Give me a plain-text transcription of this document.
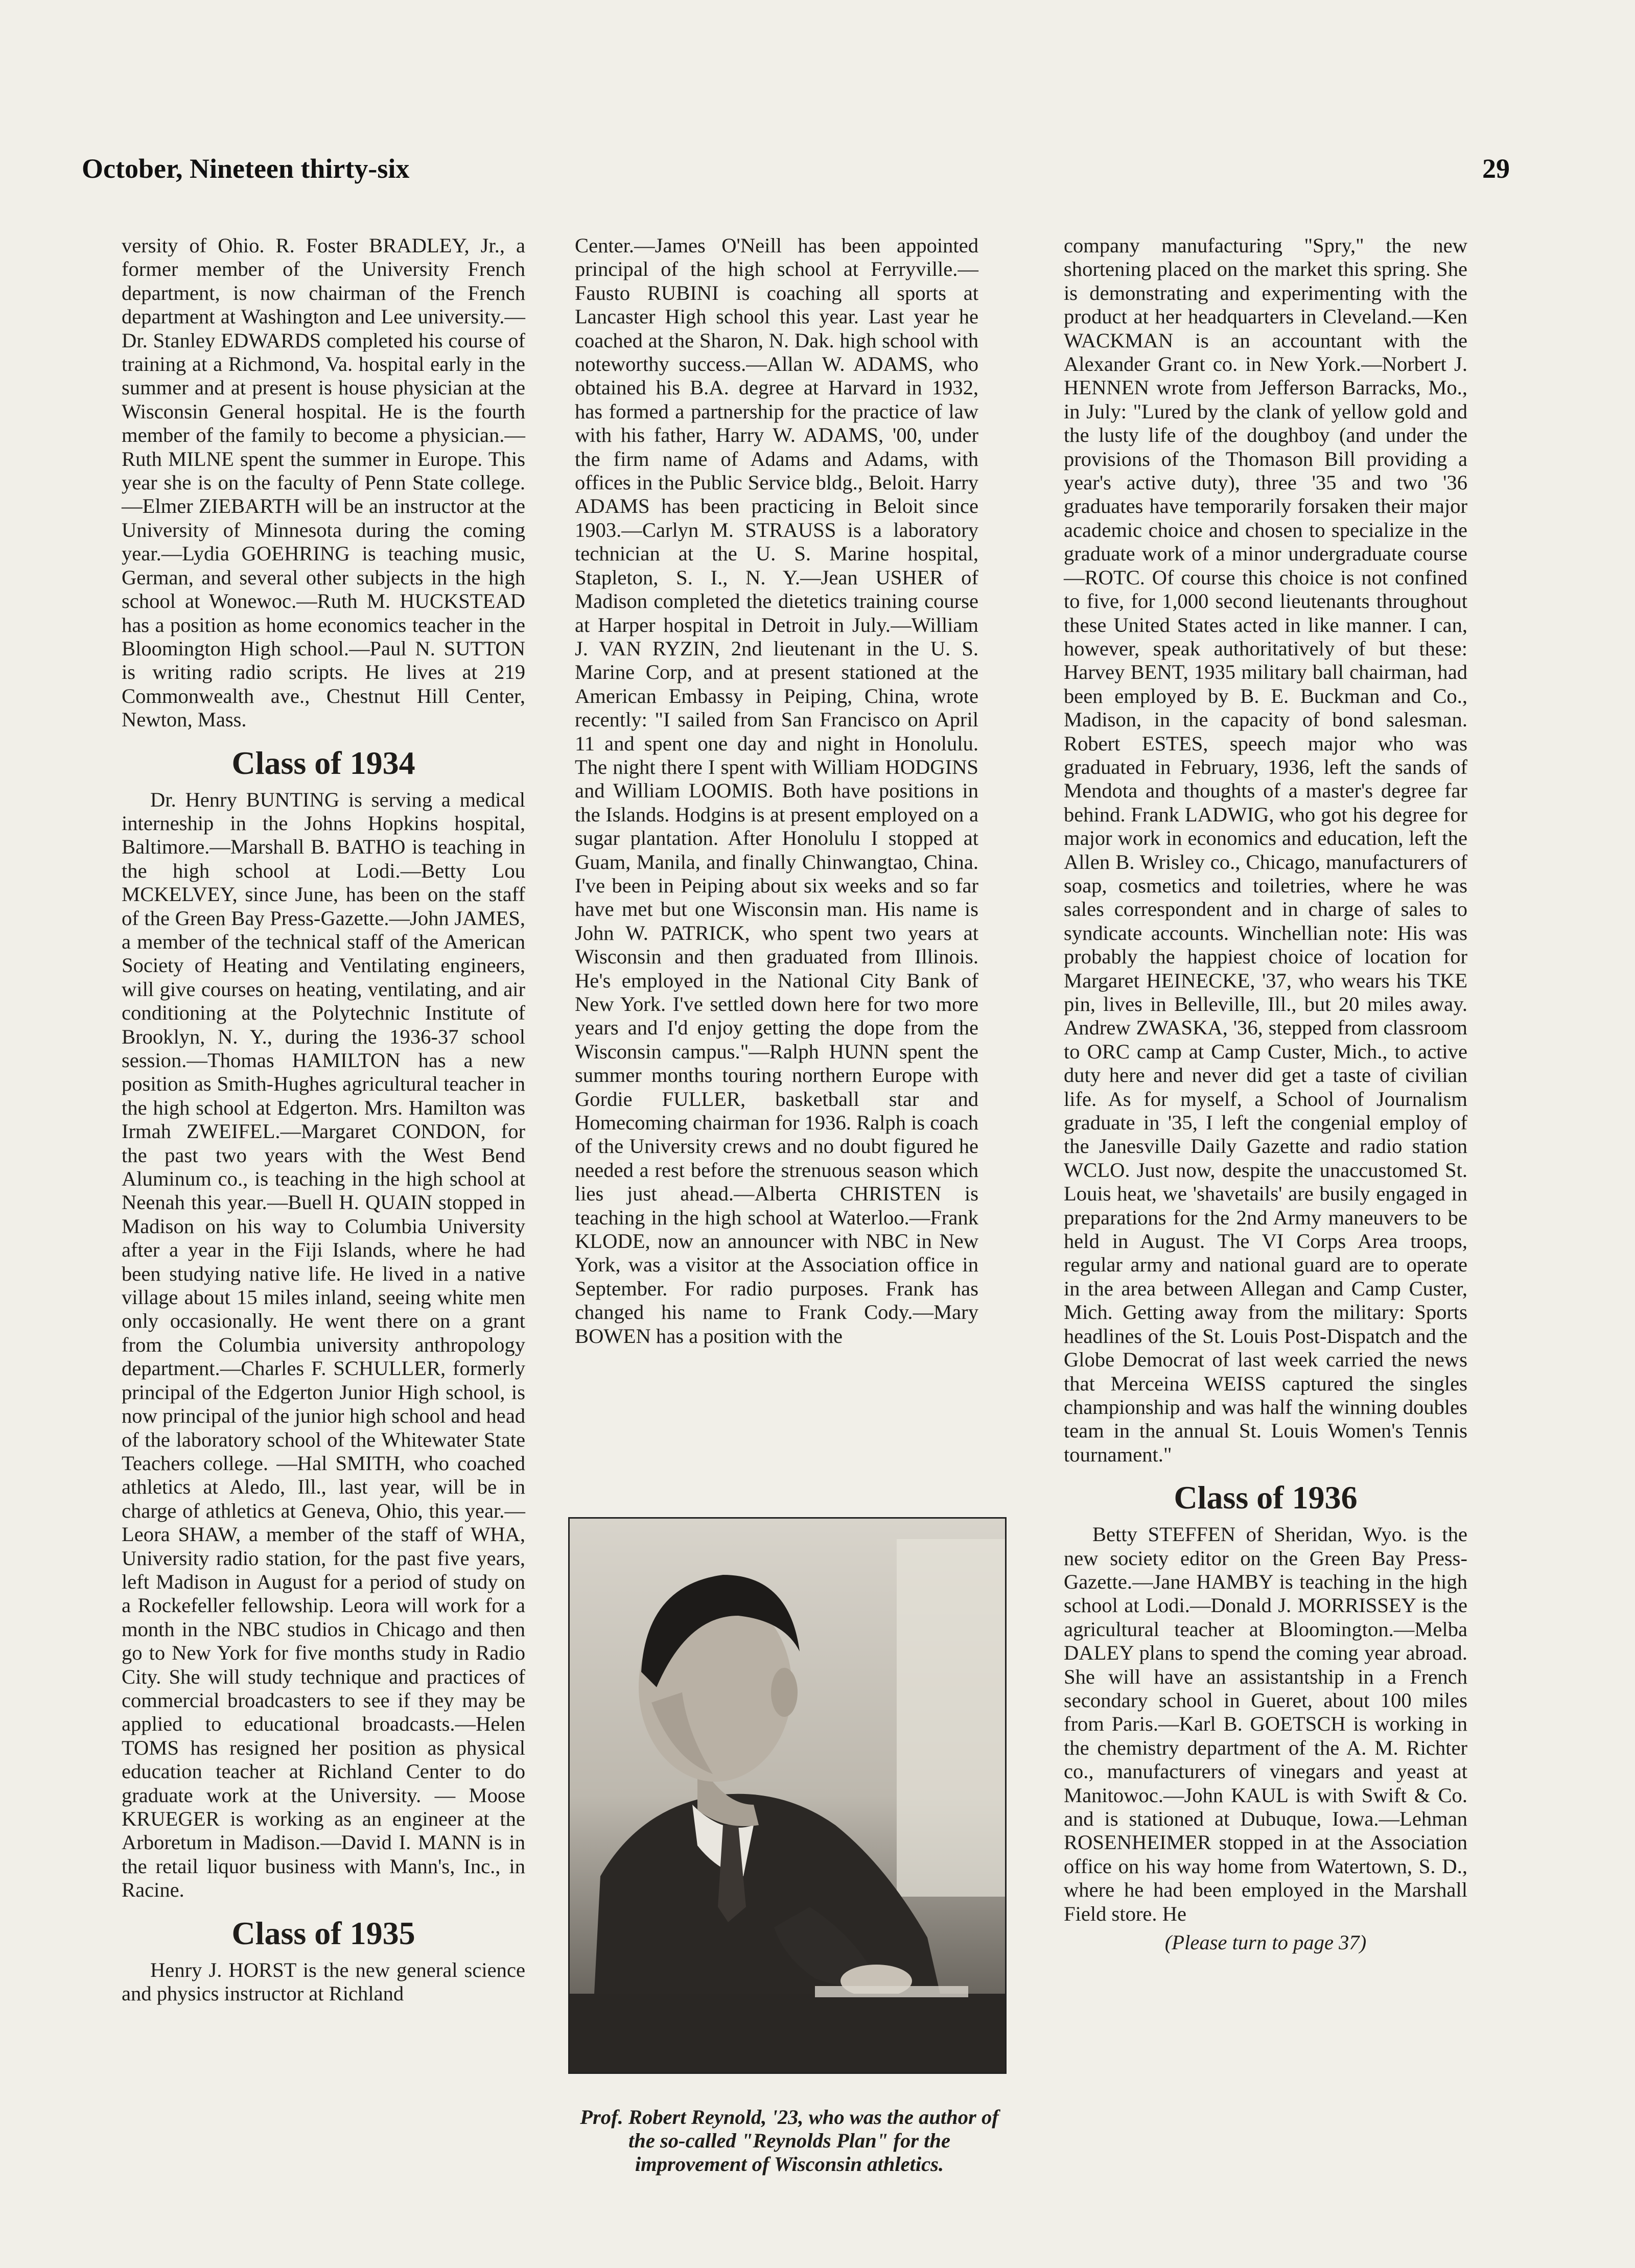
October, Nineteen thirty-six	29

versity of Ohio. R. Foster BRADLEY, Jr., a former member of the University French department, is now chairman of the French department at Washington and Lee university.—Dr. Stanley EDWARDS completed his course of training at a Richmond, Va. hospital early in the summer and at present is house physician at the Wisconsin General hospital. He is the fourth member of the family to become a physician.—Ruth MILNE spent the summer in Europe. This year she is on the faculty of Penn State college.—Elmer ZIEBARTH will be an instructor at the University of Minnesota during the coming year.—Lydia GOEHRING is teaching music, German, and several other subjects in the high school at Wonewoc.—Ruth M. HUCKSTEAD has a position as home economics teacher in the Bloomington High school.—Paul N. SUTTON is writing radio scripts. He lives at 219 Commonwealth ave., Chestnut Hill Center, Newton, Mass.

Class of 1934

Dr. Henry BUNTING is serving a medical interneship in the Johns Hopkins hospital, Baltimore.—Marshall B. BATHO is teaching in the high school at Lodi.—Betty Lou MCKELVEY, since June, has been on the staff of the Green Bay Press-Gazette.—John JAMES, a member of the technical staff of the American Society of Heating and Ventilating engineers, will give courses on heating, ventilating, and air conditioning at the Polytechnic Institute of Brooklyn, N. Y., during the 1936-37 school session.—Thomas HAMILTON has a new position as Smith-Hughes agricultural teacher in the high school at Edgerton. Mrs. Hamilton was Irmah ZWEIFEL.—Margaret CONDON, for the past two years with the West Bend Aluminum co., is teaching in the high school at Neenah this year.—Buell H. QUAIN stopped in Madison on his way to Columbia University after a year in the Fiji Islands, where he had been studying native life. He lived in a native village about 15 miles inland, seeing white men only occasionally. He went there on a grant from the Columbia university anthropology department.—Charles F. SCHULLER, formerly principal of the Edgerton Junior High school, is now principal of the junior high school and head of the laboratory school of the Whitewater State Teachers college. —Hal SMITH, who coached athletics at Aledo, Ill., last year, will be in charge of athletics at Geneva, Ohio, this year.—Leora SHAW, a member of the staff of WHA, University radio station, for the past five years, left Madison in August for a period of study on a Rockefeller fellowship. Leora will work for a month in the NBC studios in Chicago and then go to New York for five months study in Radio City. She will study technique and practices of commercial broadcasters to see if they may be applied to educational broadcasts.—Helen TOMS has resigned her position as physical education teacher at Richland Center to do graduate work at the University. — Moose KRUEGER is working as an engineer at the Arboretum in Madison.—David I. MANN is in the retail liquor business with Mann's, Inc., in Racine.

Class of 1935

Henry J. HORST is the new general science and physics instructor at Richland

Center.—James O'Neill has been appointed principal of the high school at Ferryville.—Fausto RUBINI is coaching all sports at Lancaster High school this year. Last year he coached at the Sharon, N. Dak. high school with noteworthy success.—Allan W. ADAMS, who obtained his B.A. degree at Harvard in 1932, has formed a partnership for the practice of law with his father, Harry W. ADAMS, '00, under the firm name of Adams and Adams, with offices in the Public Service bldg., Beloit. Harry ADAMS has been practicing in Beloit since 1903.—Carlyn M. STRAUSS is a laboratory technician at the U. S. Marine hospital, Stapleton, S. I., N. Y.—Jean USHER of Madison completed the dietetics training course at Harper hospital in Detroit in July.—William J. VAN RYZIN, 2nd lieutenant in the U. S. Marine Corp, and at present stationed at the American Embassy in Peiping, China, wrote recently: "I sailed from San Francisco on April 11 and spent one day and night in Honolulu. The night there I spent with William HODGINS and William LOOMIS. Both have positions in the Islands. Hodgins is at present employed on a sugar plantation. After Honolulu I stopped at Guam, Manila, and finally Chinwangtao, China. I've been in Peiping about six weeks and so far have met but one Wisconsin man. His name is John W. PATRICK, who spent two years at Wisconsin and then graduated from Illinois. He's employed in the National City Bank of New York. I've settled down here for two more years and I'd enjoy getting the dope from the Wisconsin campus."—Ralph HUNN spent the summer months touring northern Europe with Gordie FULLER, basketball star and Homecoming chairman for 1936. Ralph is coach of the University crews and no doubt figured he needed a rest before the strenuous season which lies just ahead.—Alberta CHRISTEN is teaching in the high school at Waterloo.—Frank KLODE, now an announcer with NBC in New York, was a visitor at the Association office in September. For radio purposes. Frank has changed his name to Frank Cody.—Mary BOWEN has a position with the

Prof. Robert Reynold, '23, who was the author of the so-called "Reynolds Plan" for the improvement of Wisconsin athletics.

company manufacturing "Spry," the new shortening placed on the market this spring. She is demonstrating and experimenting with the product at her headquarters in Cleveland.—Ken WACKMAN is an accountant with the Alexander Grant co. in New York.—Norbert J. HENNEN wrote from Jefferson Barracks, Mo., in July: "Lured by the clank of yellow gold and the lusty life of the doughboy (and under the provisions of the Thomason Bill providing a year's active duty), three '35 and two '36 graduates have temporarily forsaken their major academic choice and chosen to specialize in the graduate work of a minor undergraduate course—ROTC. Of course this choice is not confined to five, for 1,000 second lieutenants throughout these United States acted in like manner. I can, however, speak authoritatively of but these: Harvey BENT, 1935 military ball chairman, had been employed by B. E. Buckman and Co., Madison, in the capacity of bond salesman. Robert ESTES, speech major who was graduated in February, 1936, left the sands of Mendota and thoughts of a master's degree far behind. Frank LADWIG, who got his degree for major work in economics and education, left the Allen B. Wrisley co., Chicago, manufacturers of soap, cosmetics and toiletries, where he was sales correspondent and in charge of sales to syndicate accounts. Winchellian note: His was probably the happiest choice of location for Margaret HEINECKE, '37, who wears his TKE pin, lives in Belleville, Ill., but 20 miles away. Andrew ZWASKA, '36, stepped from classroom to ORC camp at Camp Custer, Mich., to active duty here and never did get a taste of civilian life. As for myself, a School of Journalism graduate in '35, I left the congenial employ of the Janesville Daily Gazette and radio station WCLO. Just now, despite the unaccustomed St. Louis heat, we 'shavetails' are busily engaged in preparations for the 2nd Army maneuvers to be held in August. The VI Corps Area troops, regular army and national guard are to operate in the area between Allegan and Camp Custer, Mich. Getting away from the military: Sports headlines of the St. Louis Post-Dispatch and the Globe Democrat of last week carried the news that Merceina WEISS captured the singles championship and was half the winning doubles team in the annual St. Louis Women's Tennis tournament."

Class of 1936

Betty STEFFEN of Sheridan, Wyo. is the new society editor on the Green Bay Press-Gazette.—Jane HAMBY is teaching in the high school at Lodi.—Donald J. MORRISSEY is the agricultural teacher at Bloomington.—Melba DALEY plans to spend the coming year abroad. She will have an assistantship in a French secondary school in Gueret, about 100 miles from Paris.—Karl B. GOETSCH is working in the chemistry department of the A. M. Richter co., manufacturers of vinegars and yeast at Manitowoc.—John KAUL is with Swift & Co. and is stationed at Dubuque, Iowa.—Lehman ROSENHEIMER stopped in at the Association office on his way home from Watertown, S. D., where he had been employed in the Marshall Field store. He

(Please turn to page 37)
